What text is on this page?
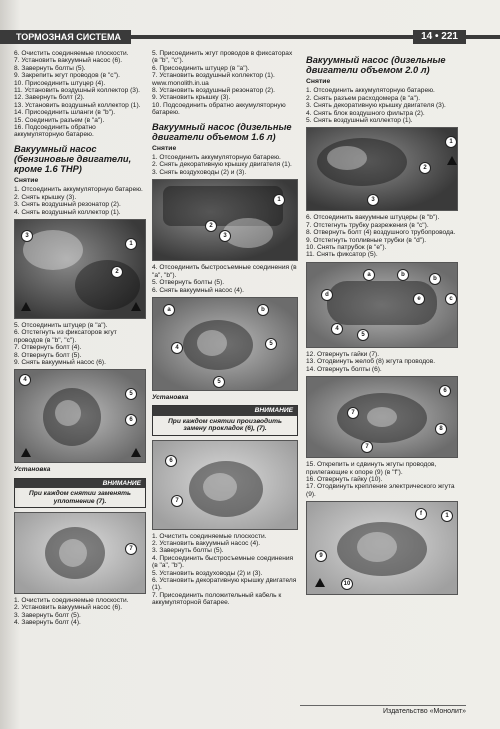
ТОРМОЗНАЯ СИСТЕМА	14 • 221

6. Очистить соединяемые плоскости.

7. Установить вакуумный насос (6).

8. Завернуть болты (5).

9. Закрепить жгут проводов (в "с").

10. Присоединить штуцер (4).

11. Установить воздушный коллектор (3).

12. Завернуть болт (2).

13. Установить воздушный коллектор (1).

14. Присоединить шланги (в "b").

15. Соединить разъем (в "а").

16. Подсоединить обратно аккумуляторную батарею.

Вакуумный насос (бензиновые двигатели, кроме 1.6 THP)
Снятие

1. Отсоединить аккумуляторную батарею.

2. Снять крышку (3).

3. Снять воздушный резонатор (2).

4. Снять воздушный коллектор (1).

1
3
2

5. Отсоединить штуцер (в "а").

6. Отстегнуть из фиксаторов жгут проводов (в "b", "с").

7. Отвернуть болт (4).

8. Отвернуть болт (5).

9. Снять вакуумный насос (6).

5
6
4
Установка
ВНИМАНИЕ
При каждом снятии заменять уплотнение (7).
7

1. Очистить соединяемые плоскости.

2. Установить вакуумный насос (6).

3. Завернуть болт (5).

4. Завернуть болт (4).

5. Присоединить жгут проводов в фиксаторах (в "b", "с").

6. Присоединить штуцер (в "а").

7. Установить воздушный коллектор (1). www.monolith.in.ua

8. Установить воздушный резонатор (2).

9. Установить крышку (3).

10. Подсоединить обратно аккумуляторную батарею.

Вакуумный насос (дизельные двигатели объемом 1.6 л)
Снятие

1. Отсоединить аккумуляторную батарею.

2. Снять декоративную крышку двигателя (1).

3. Снять воздуховоды (2) и (3).

1
2
3

4. Отсоединить быстросъемные соединения (в "а", "b").

5. Отвернуть болты (5).

6. Снять вакуумный насос (4).

a	b
4
5
5
Установка
ВНИМАНИЕ
При каждом снятии производить замену прокладок (6), (7).
6
7

1. Очистить соединяемые плоскости.

2. Установить вакуумный насос (4).

3. Завернуть болты (5).

4. Присоединить быстросъемные соединения (в "а", "b").

5. Установить воздуховоды (2) и (3).

6. Установить декоративную крышку двигателя (1).

7. Присоединить положительный кабель к аккумуляторной батарее.

Вакуумный насос (дизельные двигатели объемом 2.0 л)
Снятие

1. Отсоединить аккумуляторную батарею.

2. Снять разъем расходомера (в "а").

3. Снять декоративную крышку двигателя (3).

4. Снять блок воздушного фильтра (2).

5. Снять воздушный коллектор (1).

1
2
3

6. Отсоединить вакуумные штуцеры (в "b").

7. Отстегнуть трубку разрежения (в "с").

8. Отвернуть болт (4) воздушного трубопровода.

9. Отстегнуть топливные трубки (в "d").

10. Снять патрубок (в "е").

11. Снять фиксатор (5).

a	b
b
d
e	c
4
5

12. Отвернуть гайки (7).

13. Отодвинуть желоб (8) жгута проводов.

14. Отвернуть болты (6).

6
7
8
7

15. Открепить и сдвинуть жгуты проводов, прилегающие к опоре (9) (в "f").

16. Отвернуть гайку (10).

17. Отодвинуть крепление электрического жгута (9).

f	1
9
10
Издательство «Монолит»
